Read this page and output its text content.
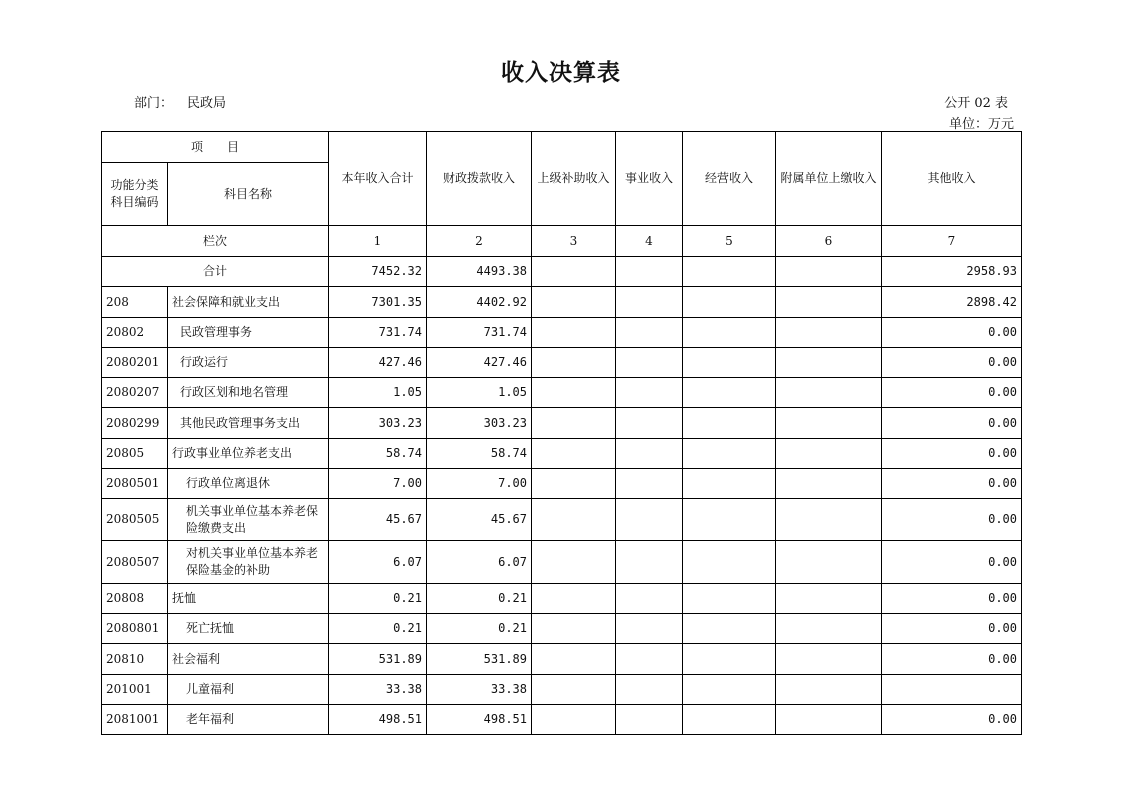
收入决算表
部门： 民政局	公开 02 表
单位：万元
项　　目		本年收入合计	财政拨款收入	上级补助收入	事业收入	经营收入	附属单位上缴收入	其他收入
功能分类科目编码	科目名称							
栏次		1	2	3	4	5	6	7
合计		7452.32	4493.38					2958.93
208	社会保障和就业支出	7301.35	4402.92					2898.42
20802	民政管理事务	731.74	731.74					0.00
2080201	行政运行	427.46	427.46					0.00
2080207	行政区划和地名管理	1.05	1.05					0.00
2080299	其他民政管理事务支出	303.23	303.23					0.00
20805	行政事业单位养老支出	58.74	58.74					0.00
2080501	行政单位离退休	7.00	7.00					0.00
2080505	机关事业单位基本养老保险缴费支出	45.67	45.67					0.00
2080507	对机关事业单位基本养老保险基金的补助	6.07	6.07					0.00
20808	抚恤	0.21	0.21					0.00
2080801	死亡抚恤	0.21	0.21					0.00
20810	社会福利	531.89	531.89					0.00
201001	儿童福利	33.38	33.38					
2081001	老年福利	498.51	498.51					0.00
